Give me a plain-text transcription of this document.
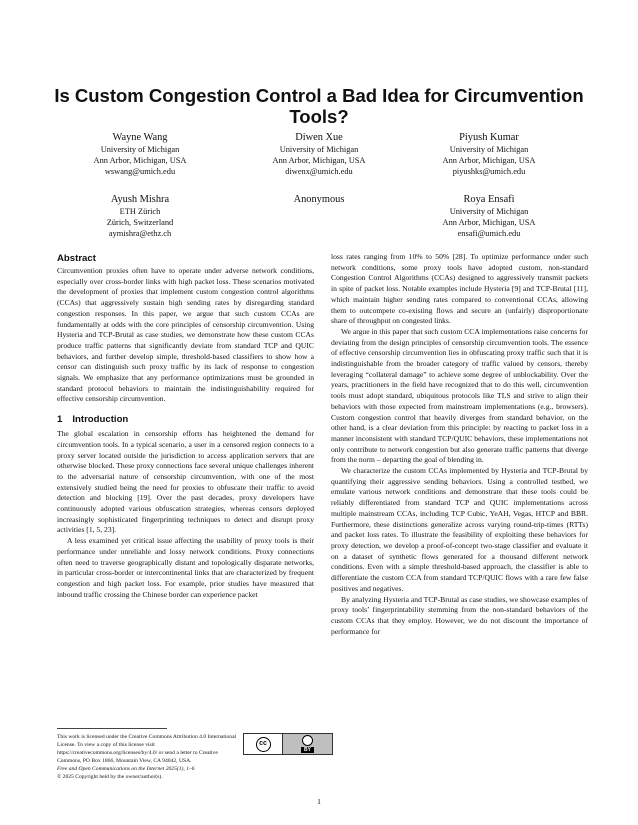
Is Custom Congestion Control a Bad Idea for Circumvention Tools?
Wayne Wang
University of Michigan
Ann Arbor, Michigan, USA
wswang@umich.edu
Diwen Xue
University of Michigan
Ann Arbor, Michigan, USA
diwenx@umich.edu
Piyush Kumar
University of Michigan
Ann Arbor, Michigan, USA
piyushks@umich.edu
Ayush Mishra
ETH Zürich
Zürich, Switzerland
aymishra@ethz.ch
Anonymous	Roya Ensafi
University of Michigan
Ann Arbor, Michigan, USA
ensafi@umich.edu
Abstract

Circumvention proxies often have to operate under adverse network conditions, especially over cross-border links with high packet loss. These scenarios motivated the development of proxies that implement custom congestion control algorithms (CCAs) that aggressively sustain high sending rates by disregarding standard congestion responses. In this paper, we argue that such custom CCAs are fundamentally at odds with the core principles of censorship circumvention. Using Hysteria and TCP-Brutal as case studies, we demonstrate how these custom CCAs produce traffic patterns that significantly deviate from standard TCP and QUIC behaviors, and further develop simple, threshold-based classifiers to show how a censor can distinguish such proxy traffic by its lack of response to congestion signals. We emphasize that any performance optimizations must be grounded in standard protocol behaviors to maintain the indistinguishability required for effective censorship circumvention.

1 Introduction

The global escalation in censorship efforts has heightened the demand for circumvention tools. In a typical scenario, a user in a censored region connects to a proxy server located outside the jurisdiction to access application servers that are otherwise blocked. These proxy connections face several unique challenges inherent to the adversarial nature of censorship circumvention, with one of the most extensively studied being the need for proxies to obfuscate their traffic to avoid detection and blocking [19]. Over the past decades, proxy developers have continuously adopted various obfuscation strategies, whereas censors deployed increasingly sophisticated fingerprinting techniques to detect and disrupt proxy activities [1, 5, 23].

A less examined yet critical issue affecting the usability of proxy tools is their performance under unreliable and lossy network conditions. Proxy connections often need to traverse geographically distant and topologically disparate networks, in particular cross-border or intercontinental links that are characterized by frequent congestion and high packet loss. For example, prior studies have measured that inbound traffic crossing the Chinese border can experience packet

loss rates ranging from 10% to 50% [28]. To optimize performance under such network conditions, some proxy tools have adopted custom, non-standard Congestion Control Algorithms (CCAs) designed to aggressively transmit packets in spite of packet loss. Notable examples include Hysteria [9] and TCP-Brutal [11], which maintain higher sending rates compared to conventional CCAs, allowing them to outcompete co-existing flows and secure an (unfairly) disproportionate share of throughput on congested links.

We argue in this paper that such custom CCA implementations raise concerns for deviating from the design principles of censorship circumvention tools. The essence of effective censorship circumvention lies in obfuscating proxy traffic such that it is indistinguishable from the broader category of traffic valued by censors, thereby leveraging “collateral damage” to achieve some degree of unblockability. Over the years, practitioners in the field have recognized that to do this well, circumvention tools must adopt standard, ubiquitous protocols like TLS and strive to align their behaviors with those expected from mainstream implementations (e.g., browsers). Custom congestion control that heavily diverges from standard behavior, on the other hand, is a clear deviation from this principle: by reacting to packet loss in a manner inconsistent with standard TCP/QUIC behaviors, these implementations not only contribute to network congestion but also generate traffic patterns that diverge from the norm – departing the goal of blending in.

We characterize the custom CCAs implemented by Hysteria and TCP-Brutal by quantifying their aggressive sending behaviors. Using a controlled testbed, we emulate various network conditions and demonstrate that these tools could be reliably differentiated from standard TCP and QUIC implementations across multiple mainstream CCAs, including TCP Cubic, YeAH, Vegas, HTCP and BBR. Furthermore, these distinctions generalize across varying round-trip-times (RTTs) and packet loss rates. To illustrate the feasibility of exploiting these behaviors for proxy detection, we develop a proof-of-concept two-stage classifier and evaluate it on a dataset of synthetic flows generated for a thousand different network conditions. Even with a simple threshold-based approach, the classifier is able to differentiate the custom CCA from standard TCP/QUIC flows with a rare few false positives and negatives.

By analyzing Hysteria and TCP-Brutal as case studies, we showcase examples of proxy tools’ fingerprintability stemming from the non-standard behaviors of the custom CCAs that they employ. However, we do not discount the importance of performance for

This work is licensed under the Creative Commons Attribution 4.0 International License. To view a copy of this license visit https://creativecommons.org/licenses/by/4.0/ or send a letter to Creative Commons, PO Box 1866, Mountain View, CA 94042, USA.
cc
BY
Free and Open Communications on the Internet 2025(1), 1–6
© 2025 Copyright held by the owner/author(s).
1
